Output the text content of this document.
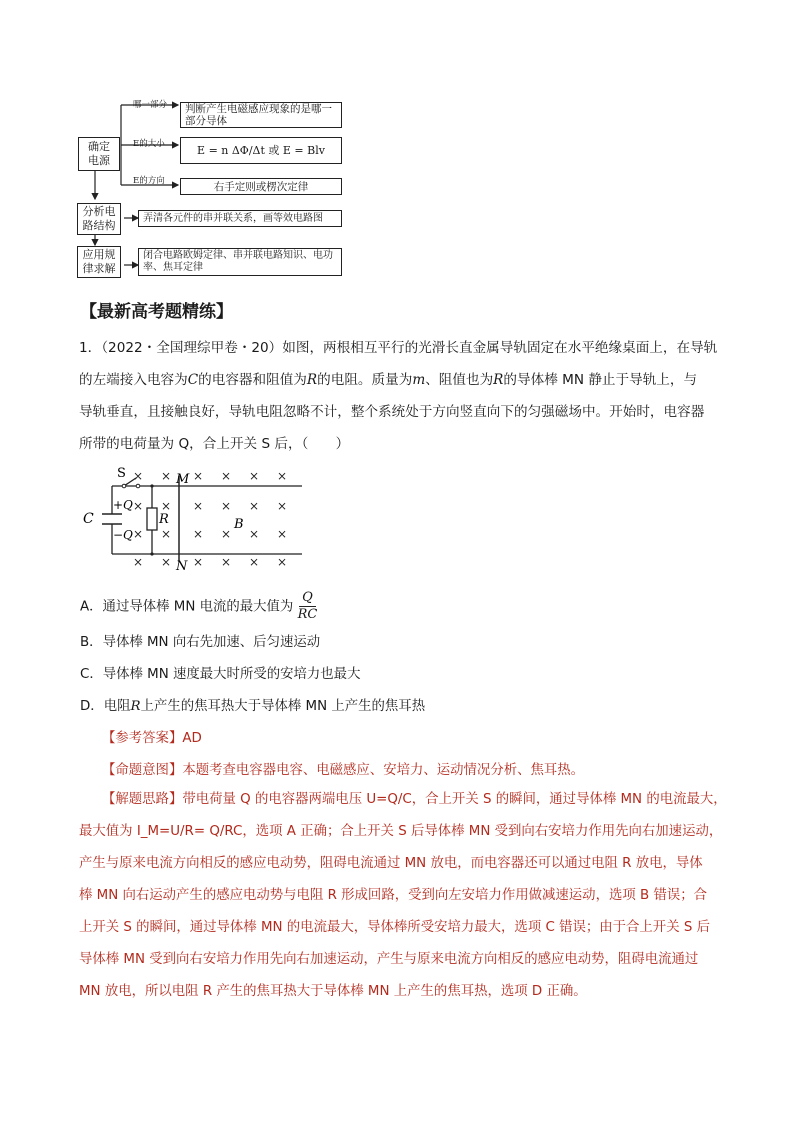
确定电源
哪一部分 判断产生电磁感应现象的是哪一部分导体
E的大小	E = n ΔΦ/Δt 或 E = Blv
E的方向	右手定则或楞次定律
分析电路结构
弄清各元件的串并联关系，画等效电路图
应用规律求解
闭合电路欧姆定律、串并联电路知识、电功率、焦耳定律
【最新高考题精练】

1．（2022・全国理综甲卷・20）如图，两根相互平行的光滑长直金属导轨固定在水平绝缘桌面上，在导轨

的左端接入电容为C的电容器和阻值为R的电阻。质量为m、阻值也为R的导体棒 MN 静止于导轨上，与

导轨垂直，且接触良好，导轨电阻忽略不计，整个系统处于方向竖直向下的匀强磁场中。开始时，电容器

所带的电荷量为 Q，合上开关 S 后，（　　）

S	M
N
C
+Q
−Q
R	B
× × × × × ×
× × × × × ×
×
×
×
×
×
×
×
×
×
×
×
×
A．通过导体棒 MN 电流的最大值为 $\frac{Q}{RC}$
B．导体棒 MN 向右先加速、后匀速运动
C．导体棒 MN 速度最大时所受的安培力也最大
D．电阻R上产生的焦耳热大于导体棒 MN 上产生的焦耳热
【参考答案】AD
【命题意图】本题考查电容器电容、电磁感应、安培力、运动情况分析、焦耳热。

【解题思路】带电荷量 Q 的电容器两端电压 U=Q/C，合上开关 S 的瞬间，通过导体棒 MN 的电流最大，

最大值为 I_M=U/R= Q/RC，选项 A 正确；合上开关 S 后导体棒 MN 受到向右安培力作用先向右加速运动，

产生与原来电流方向相反的感应电动势，阻碍电流通过 MN 放电，而电容器还可以通过电阻 R 放电，导体

棒 MN 向右运动产生的感应电动势与电阻 R 形成回路，受到向左安培力作用做减速运动，选项 B 错误；合

上开关 S 的瞬间，通过导体棒 MN 的电流最大，导体棒所受安培力最大，选项 C 错误；由于合上开关 S 后

导体棒 MN 受到向右安培力作用先向右加速运动，产生与原来电流方向相反的感应电动势，阻碍电流通过

MN 放电，所以电阻 R 产生的焦耳热大于导体棒 MN 上产生的焦耳热，选项 D 正确。
